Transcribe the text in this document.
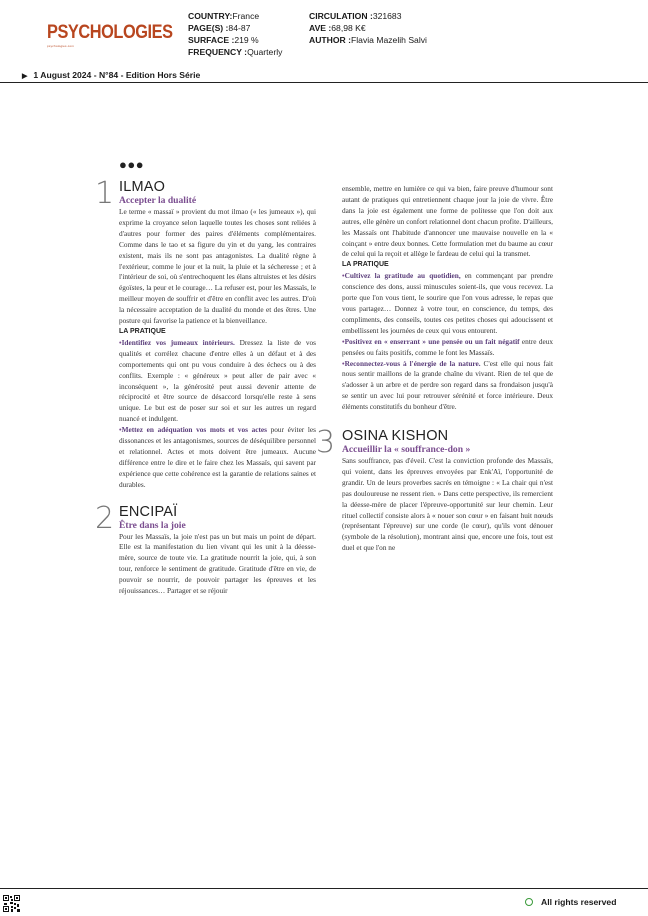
PSYCHOLOGIES
psychologies.com
COUNTRY:France
PAGE(S) :84-87
SURFACE :219 %
FREQUENCY :Quarterly
CIRCULATION :321683
AVE :68,98 K€
AUTHOR :Flavia Mazelih Salvi
▶ 1 August 2024 - N°84 - Edition Hors Série
●●●
1 ILMAO
Accepter la dualité

Le terme « massaï » provient du mot ilmao (« les jumeaux »), qui exprime la croyance selon laquelle toutes les choses sont reliées à d'autres pour former des paires d'éléments complémentaires. Comme dans le tao et sa figure du yin et du yang, les contraires existent, mais ils ne sont pas antagonistes. La dualité règne à l'extérieur, comme le jour et la nuit, la pluie et la sécheresse ; et à l'intérieur de soi, où s'entrechoquent les élans altruistes et les désirs égoïstes, la peur et le courage… La refuser est, pour les Massaïs, le meilleur moyen de souffrir et d'être en conflit avec les autres. D'où la nécessaire acceptation de la dualité du monde et des êtres. Une posture qui favorise la patience et la bienveillance.

LA PRATIQUE

•Identifiez vos jumeaux intérieurs. Dressez la liste de vos qualités et corrélez chacune d'entre elles à un défaut et à des comportements qui ont pu vous conduire à des échecs ou à des conflits. Exemple : « généreux » peut aller de pair avec « inconséquent », la générosité peut aussi devenir attente de réciprocité et être source de désaccord lorsqu'elle reste à sens unique. Le but est de poser sur soi et sur les autres un regard nuancé et indulgent.

•Mettez en adéquation vos mots et vos actes pour éviter les dissonances et les antagonismes, sources de déséquilibre personnel et relationnel. Actes et mots doivent être jumeaux. Aucune différence entre le dire et le faire chez les Massaïs, qui savent par expérience que cette cohérence est la garantie de relations saines et durables.

2 ENCIPAÏ
Être dans la joie

Pour les Massaïs, la joie n'est pas un but mais un point de départ. Elle est la manifestation du lien vivant qui les unit à la déesse-mère, source de toute vie. La gratitude nourrit la joie, qui, à son tour, renforce le sentiment de gratitude. Gratitude d'être en vie, de pouvoir se nourrir, de pouvoir partager les épreuves et les réjouissances… Partager et se réjouir

ensemble, mettre en lumière ce qui va bien, faire preuve d'humour sont autant de pratiques qui entretiennent chaque jour la joie de vivre. Être dans la joie est également une forme de politesse que l'on doit aux autres, elle génère un confort relationnel dont chacun profite. D'ailleurs, les Massaïs ont l'habitude d'annoncer une mauvaise nouvelle en la « coinçant » entre deux bonnes. Cette formulation met du baume au cœur de celui qui la reçoit et allège le fardeau de celui qui la transmet.

LA PRATIQUE

•Cultivez la gratitude au quotidien, en commençant par prendre conscience des dons, aussi minuscules soient-ils, que vous recevez. La porte que l'on vous tient, le sourire que l'on vous adresse, le repas que vous partagez… Donnez à votre tour, en conscience, du temps, des compliments, des conseils, toutes ces petites choses qui adoucissent et embellissent les journées de ceux qui vous entourent.

•Positivez en « enserrant » une pensée ou un fait négatif entre deux pensées ou faits positifs, comme le font les Massaïs.

•Reconnectez-vous à l'énergie de la nature. C'est elle qui nous fait nous sentir maillons de la grande chaîne du vivant. Rien de tel que de s'adosser à un arbre et de perdre son regard dans sa frondaison jusqu'à se sentir un avec lui pour retrouver sérénité et force intérieure. Deux éléments constitutifs du bonheur d'être.

3 OSINA KISHON
Accueillir la « souffrance-don »

Sans souffrance, pas d'éveil. C'est la conviction profonde des Massaïs, qui voient, dans les épreuves envoyées par Enk'Aï, l'opportunité de grandir. Un de leurs proverbes sacrés en témoigne : « La chair qui n'est pas douloureuse ne ressent rien. » Dans cette perspective, ils remercient la déesse-mère de placer l'épreuve-opportunité sur leur chemin. Leur rituel collectif consiste alors à « nouer son cœur » en faisant huit nœuds (représentant l'épreuve) sur une corde (le cœur), qu'ils vont dénouer (symbole de la résolution), montrant ainsi que, encore une fois, tout est duel et que l'on ne

All rights reserved
